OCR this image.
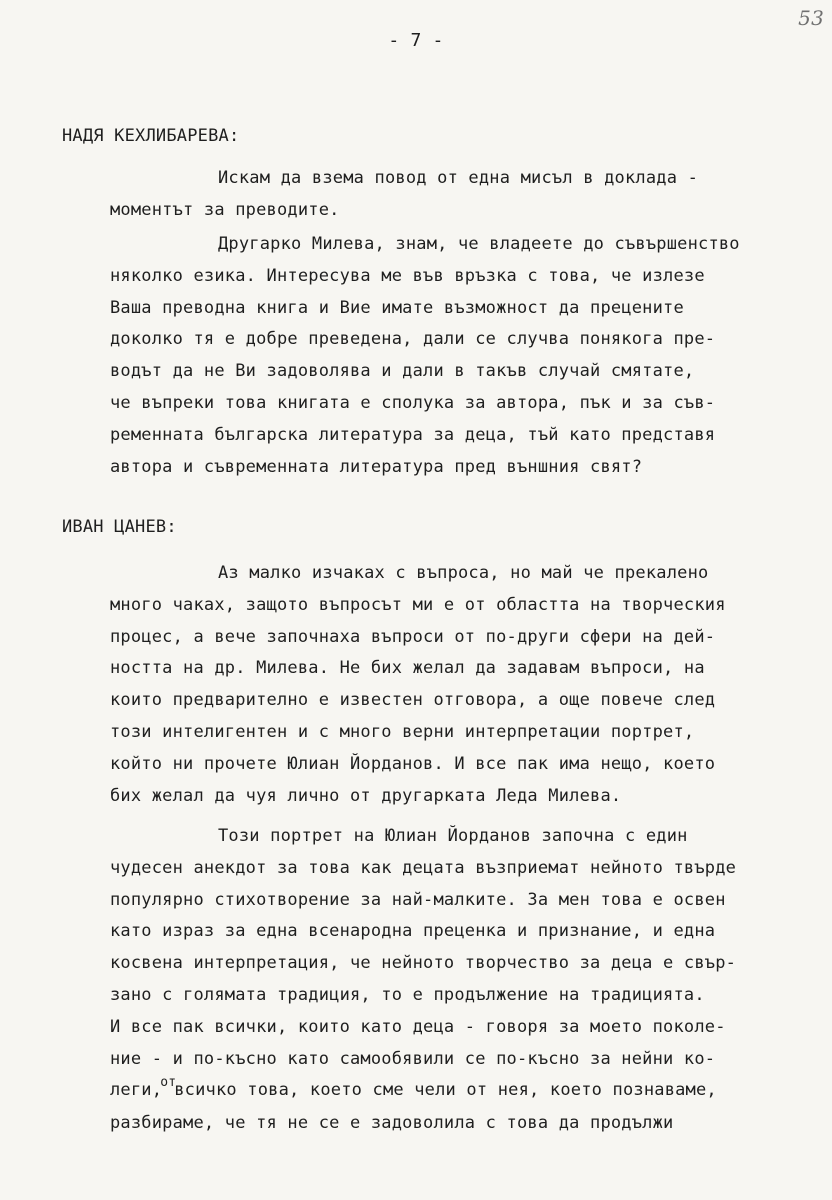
- 7 -
53
НАДЯ КЕХЛИБАРЕВА:
Искам да взема повод от една мисъл в доклада -
моментът за преводите.
Другарко Милева, знам, че владеете до съвършенство
няколко езика. Интересува ме във връзка с това, че излезе
Ваша преводна книга и Вие имате възможност да прецените
доколко тя е добре преведена, дали се случва понякога пре-
водът да не Ви задоволява и дали в такъв случай смятате,
че въпреки това книгата е сполука за автора, пък и за съв-
ременната българска литература за деца, тъй като представя
автора и съвременната литература пред външния свят?
ИВАН ЦАНЕВ:
Аз малко изчаках с въпроса, но май че прекалено
много чаках, защото въпросът ми е от областта на творческия
процес, а вече започнаха въпроси от по-други сфери на дей-
ността на др. Милева. Не бих желал да задавам въпроси, на
които предварително е известен отговора, а още повече след
този интелигентен и с много верни интерпретации портрет,
който ни прочете Юлиан Йорданов. И все пак има нещо, което
бих желал да чуя лично от другарката Леда Милева.
Този портрет на Юлиан Йорданов започна с един
чудесен анекдот за това как децата възприемат нейното твърде
популярно стихотворение за най-малките. За мен това е освен
като израз за една всенародна преценка и признание, и една
косвена интерпретация, че нейното творчество за деца е свър-
зано с голямата традиция, то е продължение на традицията.
И все пак всички, които като деца - говоря за моето поколе-
ние - и по-късно като самообявили се по-късно за нейни ко-
леги,$^{от}$всичко това, което сме чели от нея, което познаваме,
разбираме, че тя не се е задоволила с това да продължи
